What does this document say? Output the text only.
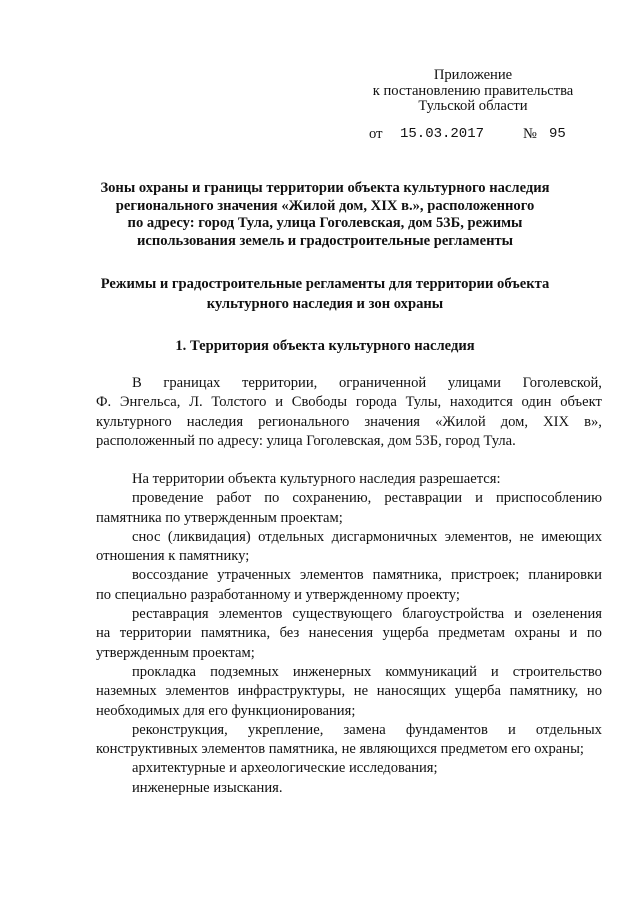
Приложение
к постановлению правительства
Тульской области
от 15.03.2017	№ 95
Зоны охраны и границы территории объекта культурного наследия
регионального значения «Жилой дом, XIX в.», расположенного
по адресу: город Тула, улица Гоголевская, дом 53Б, режимы
использования земель и градостроительные регламенты
Режимы и градостроительные регламенты для территории объекта
культурного наследия и зон охраны
1. Территория объекта культурного наследия
В границах территории, ограниченной улицами Гоголевской,
Ф. Энгельса, Л. Толстого и Свободы города Тулы, находится один объект
культурного наследия регионального значения «Жилой дом, XIX в»,
расположенный по адресу: улица Гоголевская, дом 53Б, город Тула.
На территории объекта культурного наследия разрешается:
проведение работ по сохранению, реставрации и приспособлению
памятника по утвержденным проектам;
снос (ликвидация) отдельных дисгармоничных элементов, не имеющих
отношения к памятнику;
воссоздание утраченных элементов памятника, пристроек; планировки
по специально разработанному и утвержденному проекту;
реставрация элементов существующего благоустройства и озеленения
на территории памятника, без нанесения ущерба предметам охраны и по
утвержденным проектам;
прокладка подземных инженерных коммуникаций и строительство
наземных элементов инфраструктуры, не наносящих ущерба памятнику, но
необходимых для его функционирования;
реконструкция, укрепление, замена фундаментов и отдельных
конструктивных элементов памятника, не являющихся предметом его охраны;
архитектурные и археологические исследования;
инженерные изыскания.
